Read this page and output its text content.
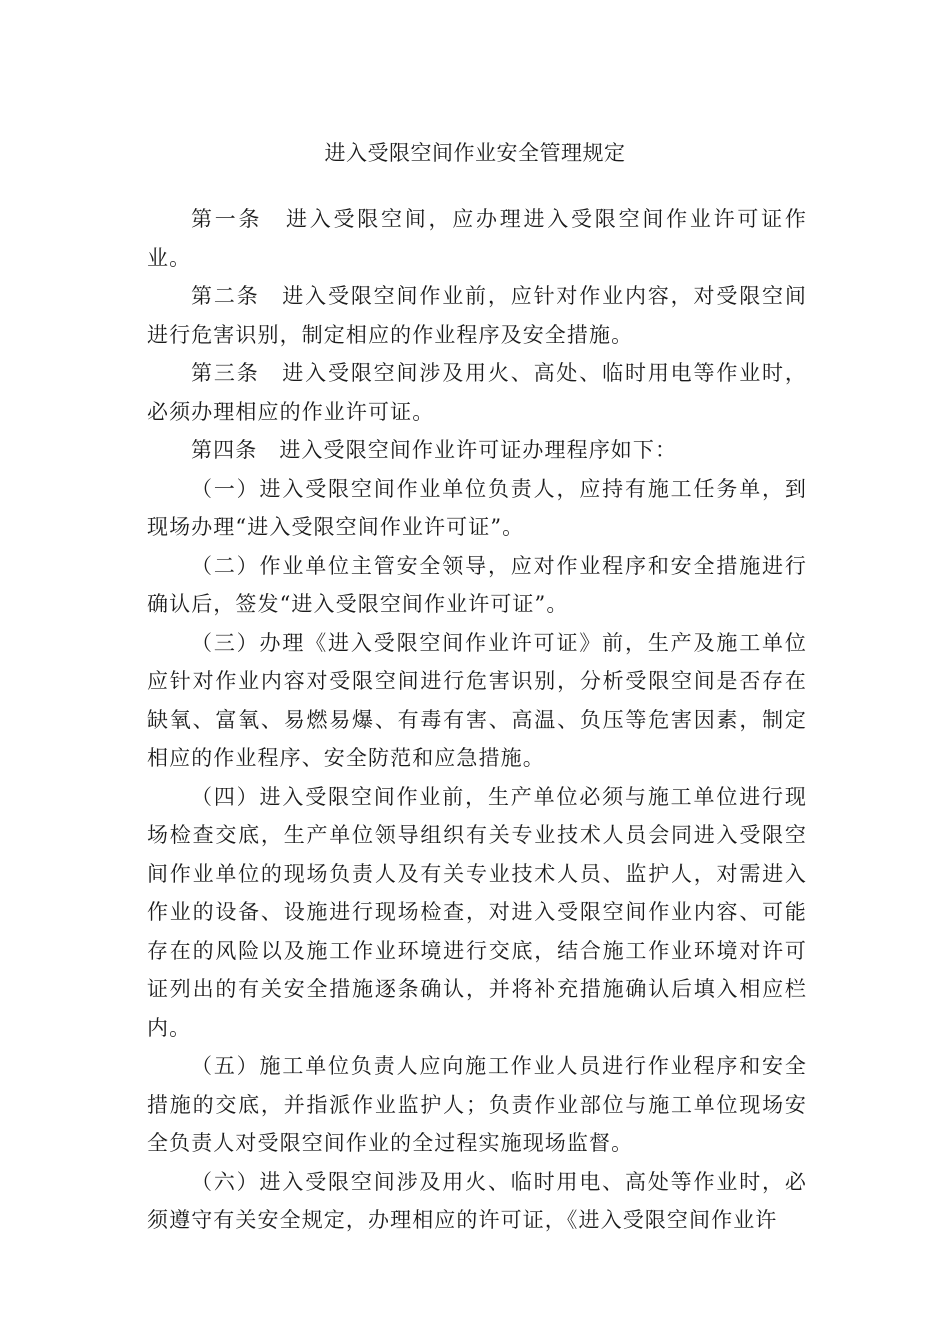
进入受限空间作业安全管理规定

第一条 进入受限空间，应办理进入受限空间作业许可证作业。

第二条 进入受限空间作业前，应针对作业内容，对受限空间进行危害识别，制定相应的作业程序及安全措施。

第三条 进入受限空间涉及用火、高处、临时用电等作业时，必须办理相应的作业许可证。

第四条 进入受限空间作业许可证办理程序如下：

（一）进入受限空间作业单位负责人，应持有施工任务单，到现场办理“进入受限空间作业许可证”。

（二）作业单位主管安全领导，应对作业程序和安全措施进行确认后，签发“进入受限空间作业许可证”。

（三）办理《进入受限空间作业许可证》前，生产及施工单位应针对作业内容对受限空间进行危害识别，分析受限空间是否存在缺氧、富氧、易燃易爆、有毒有害、高温、负压等危害因素，制定相应的作业程序、安全防范和应急措施。

（四）进入受限空间作业前，生产单位必须与施工单位进行现场检查交底，生产单位领导组织有关专业技术人员会同进入受限空间作业单位的现场负责人及有关专业技术人员、监护人，对需进入作业的设备、设施进行现场检查，对进入受限空间作业内容、可能存在的风险以及施工作业环境进行交底，结合施工作业环境对许可证列出的有关安全措施逐条确认，并将补充措施确认后填入相应栏内。

（五）施工单位负责人应向施工作业人员进行作业程序和安全措施的交底，并指派作业监护人；负责作业部位与施工单位现场安全负责人对受限空间作业的全过程实施现场监督。

（六）进入受限空间涉及用火、临时用电、高处等作业时，必须遵守有关安全规定，办理相应的许可证，《进入受限空间作业许
